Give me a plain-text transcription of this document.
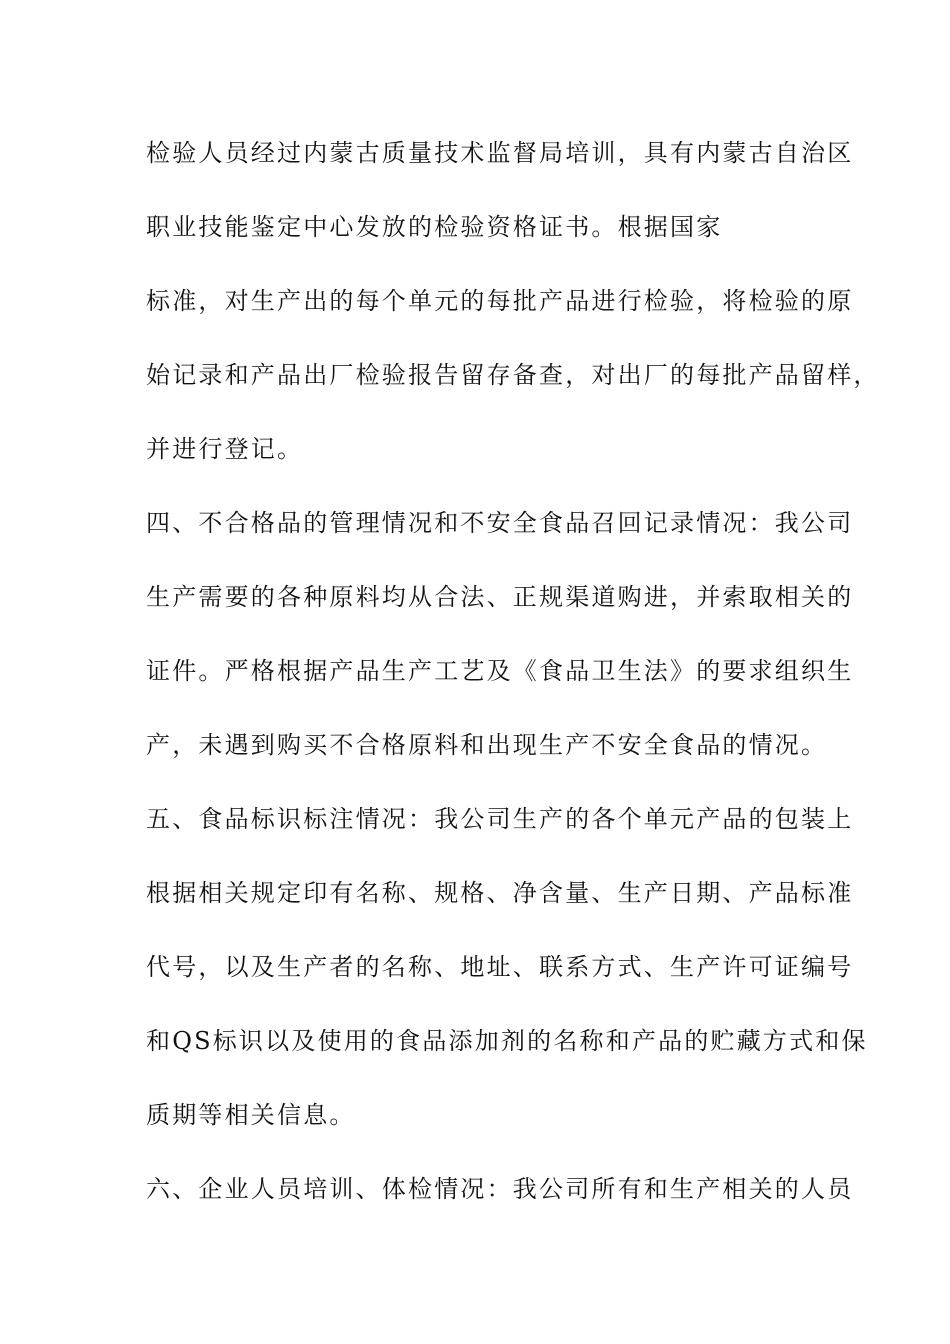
检验人员经过内蒙古质量技术监督局培训，具有内蒙古自治区
职业技能鉴定中心发放的检验资格证书。根据国家
标准，对生产出的每个单元的每批产品进行检验，将检验的原
始记录和产品出厂检验报告留存备查，对出厂的每批产品留样，
并进行登记。
四、不合格品的管理情况和不安全食品召回记录情况：我公司
生产需要的各种原料均从合法、正规渠道购进，并索取相关的
证件。严格根据产品生产工艺及《食品卫生法》的要求组织生
产，未遇到购买不合格原料和出现生产不安全食品的情况。
五、食品标识标注情况：我公司生产的各个单元产品的包装上
根据相关规定印有名称、规格、净含量、生产日期、产品标准
代号，以及生产者的名称、地址、联系方式、生产许可证编号
和QS标识以及使用的食品添加剂的名称和产品的贮藏方式和保
质期等相关信息。
六、企业人员培训、体检情况：我公司所有和生产相关的人员
